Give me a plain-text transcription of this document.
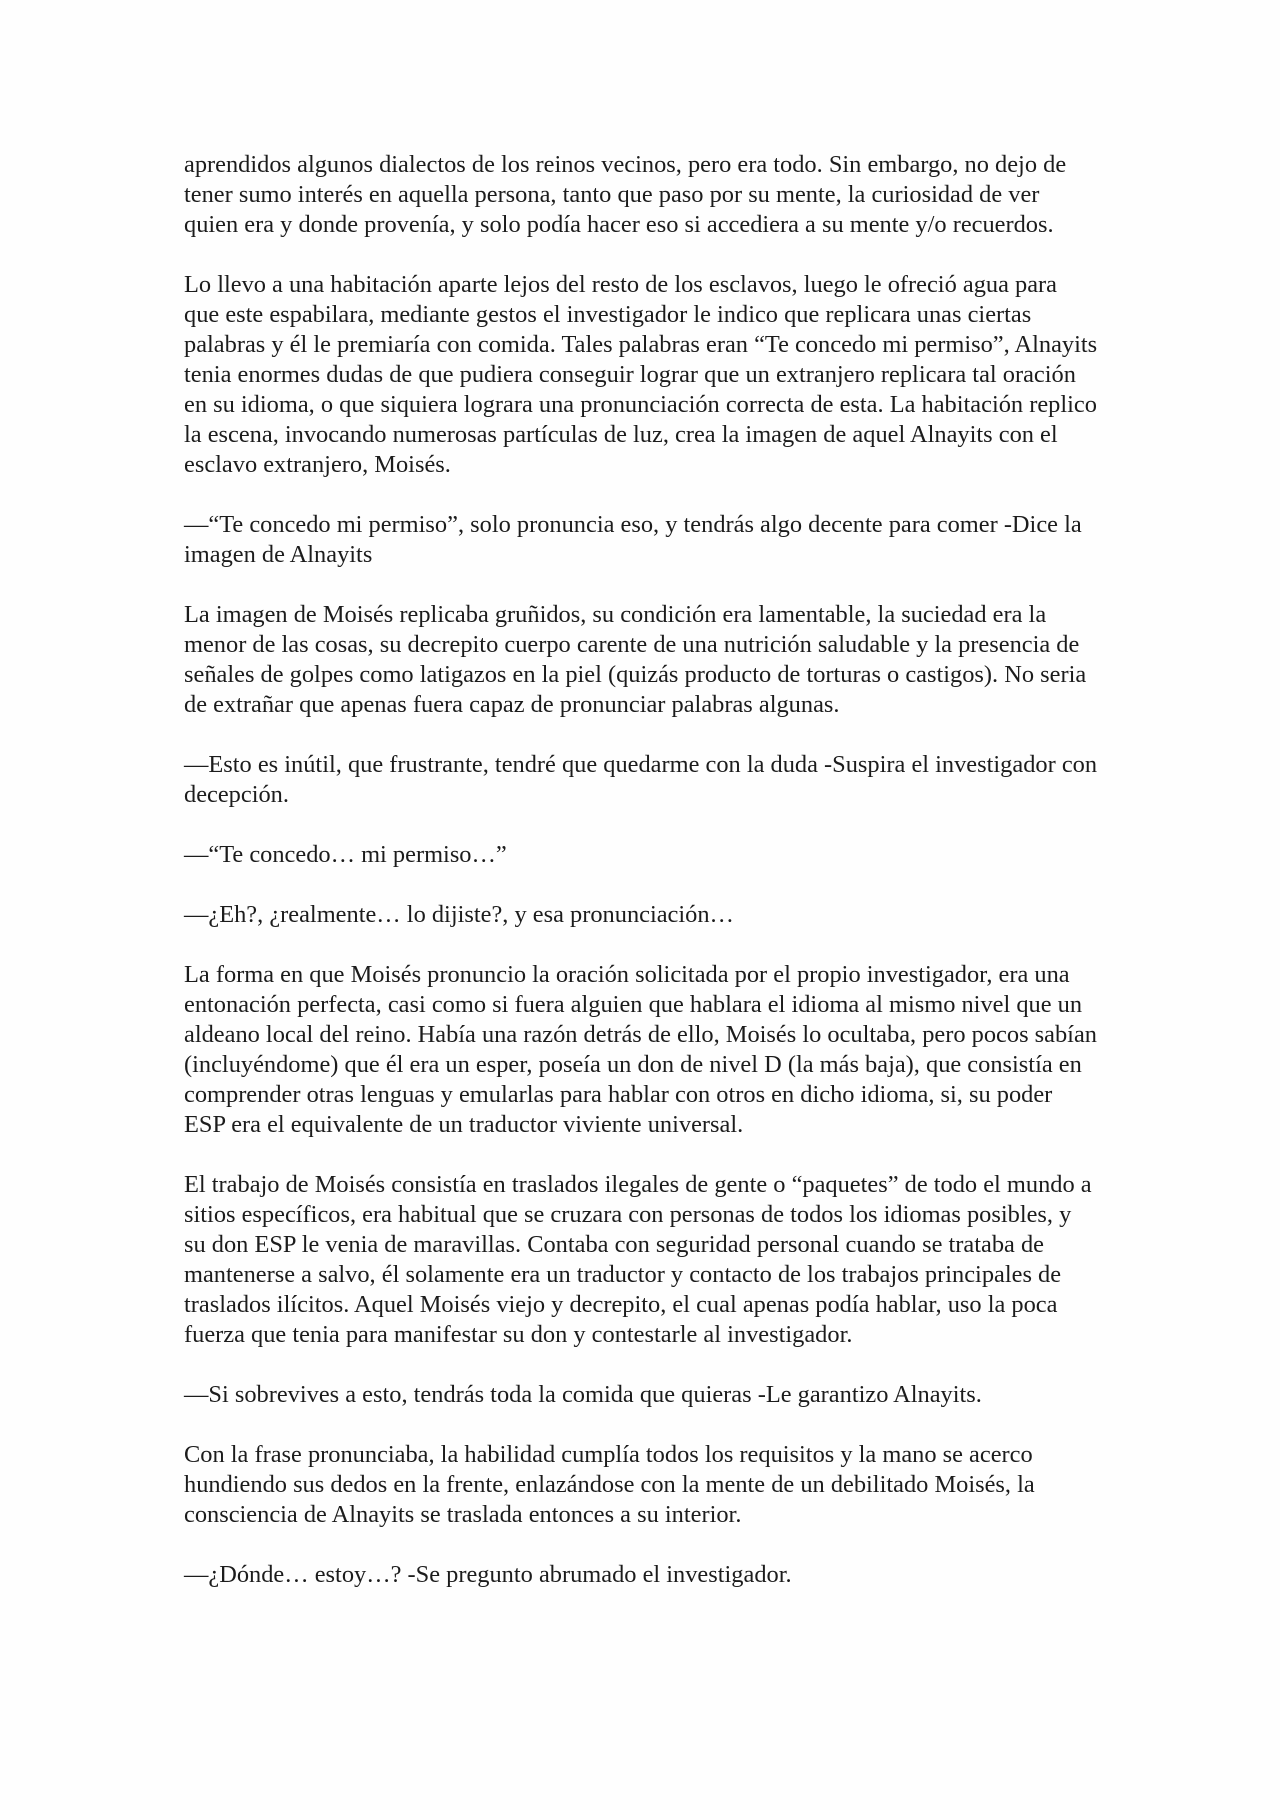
aprendidos algunos dialectos de los reinos vecinos, pero era todo. Sin embargo, no dejo de tener sumo interés en aquella persona, tanto que paso por su mente, la curiosidad de ver quien era y donde provenía, y solo podía hacer eso si accediera a su mente y/o recuerdos.

Lo llevo a una habitación aparte lejos del resto de los esclavos, luego le ofreció agua para que este espabilara, mediante gestos el investigador le indico que replicara unas ciertas palabras y él le premiaría con comida. Tales palabras eran “Te concedo mi permiso”, Alnayits tenia enormes dudas de que pudiera conseguir lograr que un extranjero replicara tal oración en su idioma, o que siquiera lograra una pronunciación correcta de esta. La habitación replico la escena, invocando numerosas partículas de luz, crea la imagen de aquel Alnayits con el esclavo extranjero, Moisés.

—“Te concedo mi permiso”, solo pronuncia eso, y tendrás algo decente para comer -Dice la imagen de Alnayits

La imagen de Moisés replicaba gruñidos, su condición era lamentable, la suciedad era la menor de las cosas, su decrepito cuerpo carente de una nutrición saludable y la presencia de señales de golpes como latigazos en la piel (quizás producto de torturas o castigos). No seria de extrañar que apenas fuera capaz de pronunciar palabras algunas.

—Esto es inútil, que frustrante, tendré que quedarme con la duda -Suspira el investigador con decepción.

—“Te concedo… mi permiso…”

—¿Eh?, ¿realmente… lo dijiste?, y esa pronunciación…

La forma en que Moisés pronuncio la oración solicitada por el propio investigador, era una entonación perfecta, casi como si fuera alguien que hablara el idioma al mismo nivel que un aldeano local del reino. Había una razón detrás de ello, Moisés lo ocultaba, pero pocos sabían (incluyéndome) que él era un esper, poseía un don de nivel D (la más baja), que consistía en comprender otras lenguas y emularlas para hablar con otros en dicho idioma, si, su poder ESP era el equivalente de un traductor viviente universal.

El trabajo de Moisés consistía en traslados ilegales de gente o “paquetes” de todo el mundo a sitios específicos, era habitual que se cruzara con personas de todos los idiomas posibles, y su don ESP le venia de maravillas. Contaba con seguridad personal cuando se trataba de mantenerse a salvo, él solamente era un traductor y contacto de los trabajos principales de traslados ilícitos. Aquel Moisés viejo y decrepito, el cual apenas podía hablar, uso la poca fuerza que tenia para manifestar su don y contestarle al investigador.

—Si sobrevives a esto, tendrás toda la comida que quieras -Le garantizo Alnayits.

Con la frase pronunciaba, la habilidad cumplía todos los requisitos y la mano se acerco hundiendo sus dedos en la frente, enlazándose con la mente de un debilitado Moisés, la consciencia de Alnayits se traslada entonces a su interior.

—¿Dónde… estoy…? -Se pregunto abrumado el investigador.
